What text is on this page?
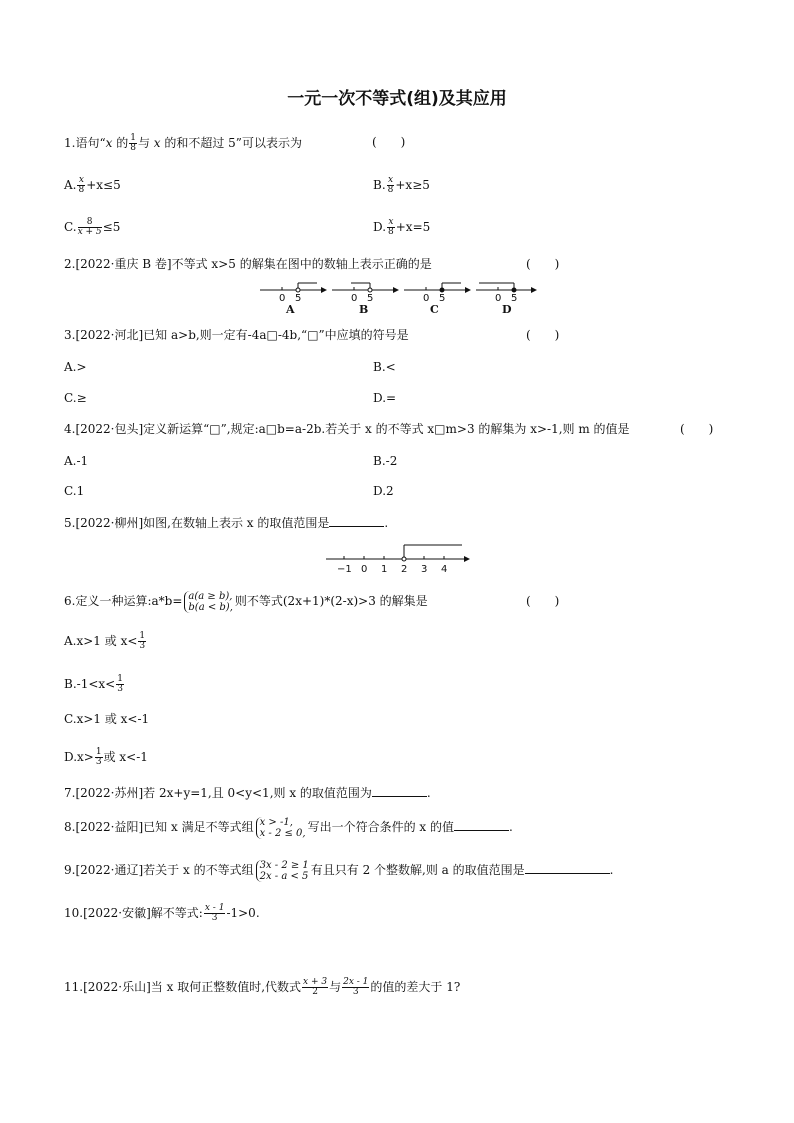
一元一次不等式(组)及其应用
1.语句“x 的 $\frac{1}{8}$ 与 x 的和不超过 5”可以表示为	(　　)
A. $\frac{x}{8} +x\le 5$	B. $\frac{x}{8} +x\ge 5$
C. $\frac{8}{x + 5}\le 5$	D. $\frac{x}{8} +x=5$
2.[2022·重庆 B 卷]不等式 x>5 的解集在图中的数轴上表示正确的是	(　　)
0 5
A
0 5
B
0 5
C
0 5
D
3.[2022·河北]已知 a>b,则一定有-4a□-4b,“□”中应填的符号是	(　　)
A.>	B.<
C.≥	D.=
4.[2022·包头]定义新运算“□”,规定:a□b=a-2b.若关于 x 的不等式 x□m>3 的解集为 x>-1,则 m 的值是	(　　)
A.-1	B.-2
C.1	D.2
5.[2022·柳州]如图,在数轴上表示 x 的取值范围是	.
−1 0 1 2 3 4
6.定义一种运算:a*b= a(a ≥ b),
b(a < b), 则不等式(2x+1)*(2-x)>3 的解集是	(　　)
A.x>1 或 $x< \frac{1}{3}$
$B.-1<x< \frac{1}{3}$
C.x>1 或 x<-1
$D.x> \frac{1}{3}$ 或 x<-1
7.[2022·苏州]若 2x+y=1,且 0<y<1,则 x 的取值范围为	.
8.[2022·益阳]已知 x 满足不等式组 x > -1,
x - 2 ≤ 0, 写出一个符合条件的 x 的值	.
9.[2022·通辽]若关于 x 的不等式组 3x - 2 ≥ 1
2x - a < 5 有且只有 2 个整数解,则 a 的取值范围是	.
10.[2022·安徽]解不等式: $\frac{x - 1}{3} -1>0$.
11.[2022·乐山]当 x 取何正整数值时,代数式 $\frac{x + 3}{2}$ 与 $\frac{2x - 1}{3}$ 的值的差大于 1?
